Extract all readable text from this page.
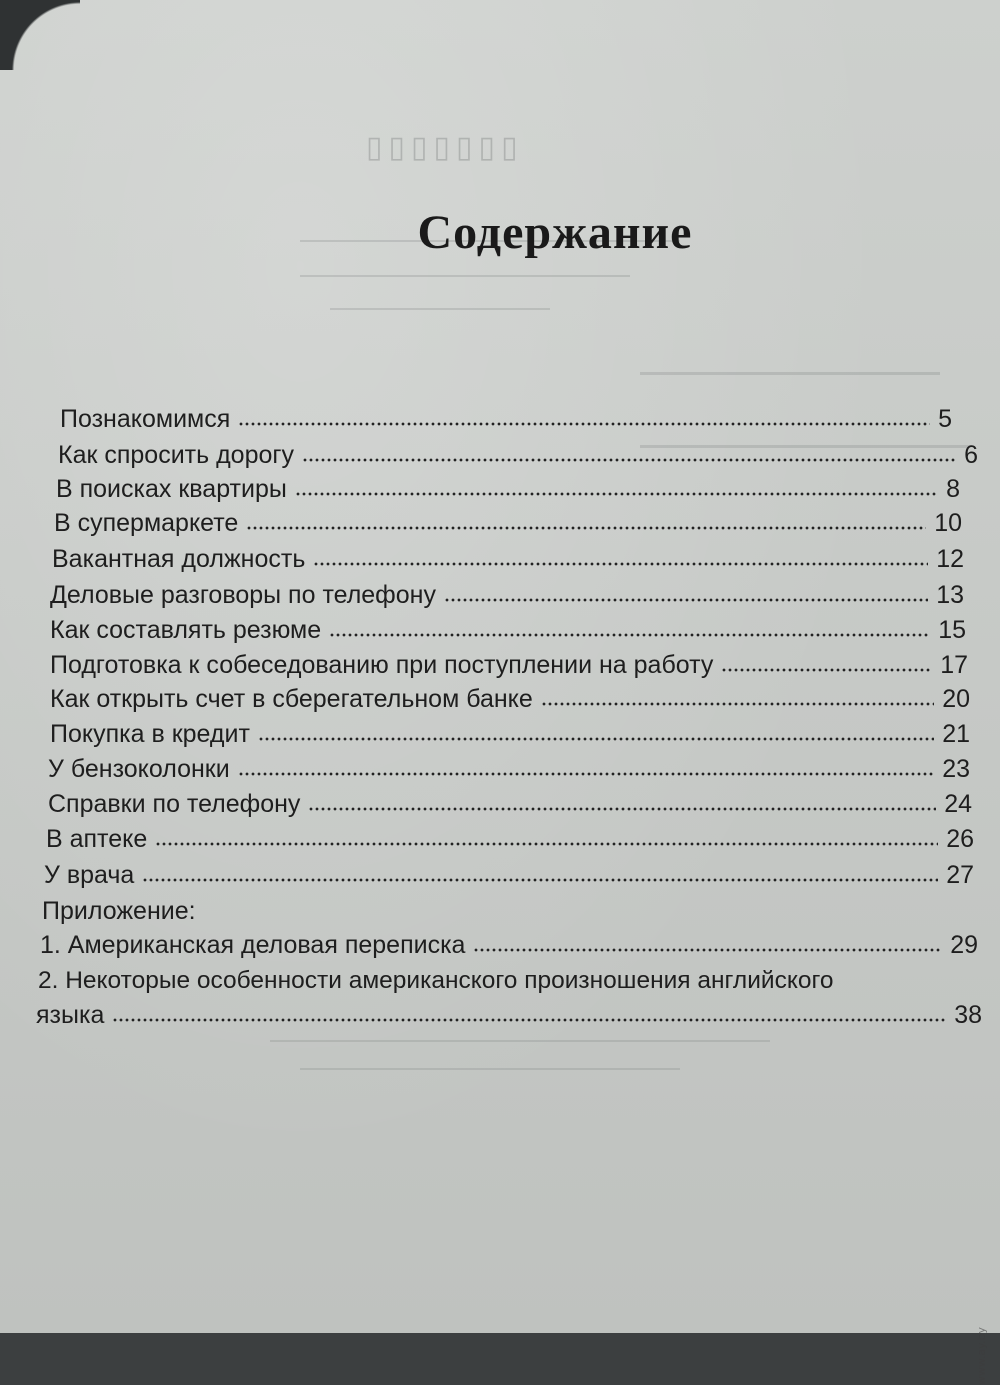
▯▯▯▯▯▯▯
Содержание
Познакомимся	5
Как спросить дорогу	6
В поисках квартиры	8
В супермаркете	10
Вакантная должность	12
Деловые разговоры по телефону	13
Как составлять резюме	15
Подготовка к собеседованию при поступлении на работу	17
Как открыть счет в сберегательном банке	20
Покупка в кредит	21
У бензоколонки	23
Справки по телефону	24
В аптеке	26
У врача	27
Приложение:
1. Американская деловая переписка	29
2. Некоторые особенности американского произношения английского
языка	38
www.ay.by
